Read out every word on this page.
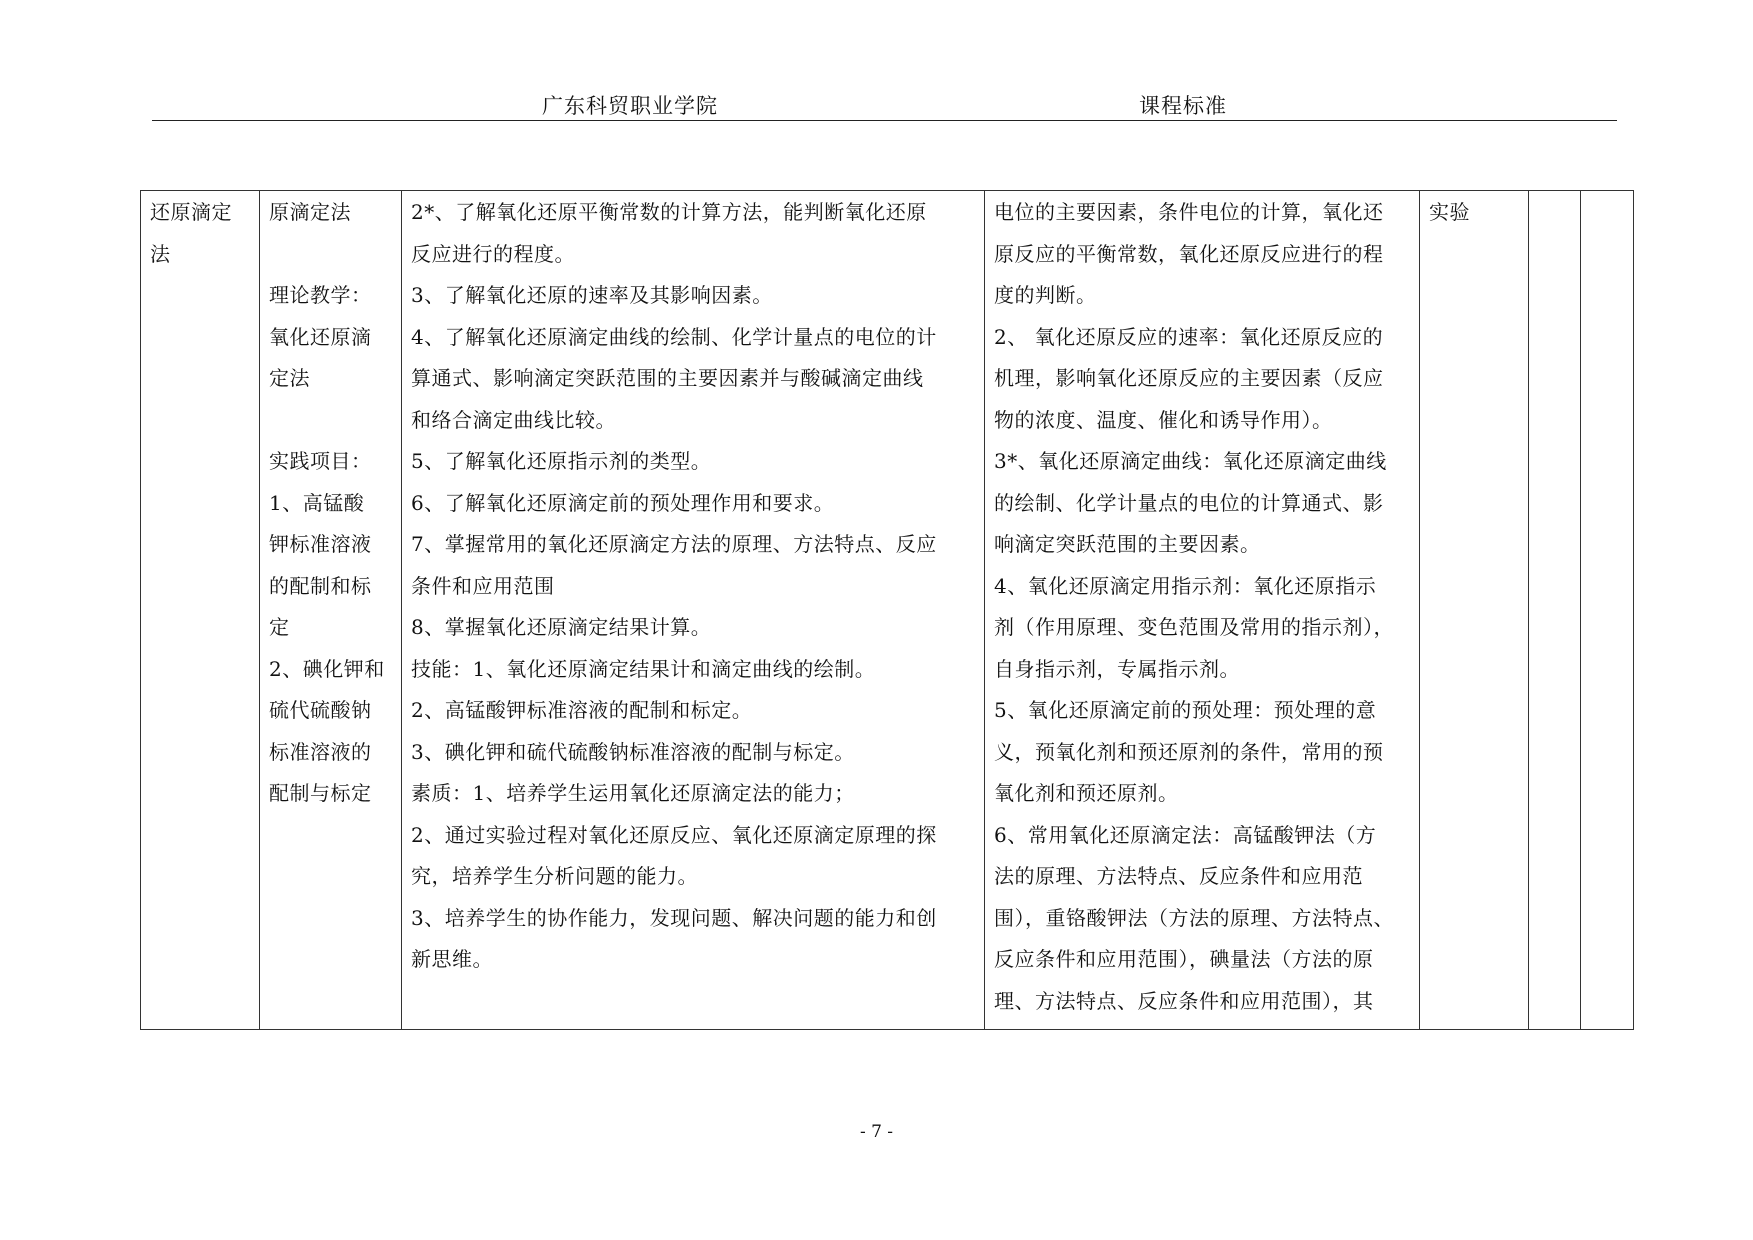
广东科贸职业学院	课程标准
还原滴定
法

原滴定法
理论教学：
氧化还原滴
定法
实践项目：
1、高锰酸
钾标准溶液
的配制和标
定
2、碘化钾和
硫代硫酸钠
标准溶液的
配制与标定

2*、了解氧化还原平衡常数的计算方法，能判断氧化还原
反应进行的程度。
3、了解氧化还原的速率及其影响因素。
4、了解氧化还原滴定曲线的绘制、化学计量点的电位的计
算通式、影响滴定突跃范围的主要因素并与酸碱滴定曲线
和络合滴定曲线比较。
5、了解氧化还原指示剂的类型。
6、了解氧化还原滴定前的预处理作用和要求。
7、掌握常用的氧化还原滴定方法的原理、方法特点、反应
条件和应用范围
8、掌握氧化还原滴定结果计算。
技能：1、氧化还原滴定结果计和滴定曲线的绘制。
2、高锰酸钾标准溶液的配制和标定。
3、碘化钾和硫代硫酸钠标准溶液的配制与标定。
素质：1、培养学生运用氧化还原滴定法的能力；
2、通过实验过程对氧化还原反应、氧化还原滴定原理的探
究，培养学生分析问题的能力。
3、培养学生的协作能力，发现问题、解决问题的能力和创
新思维。

电位的主要因素，条件电位的计算，氧化还
原反应的平衡常数，氧化还原反应进行的程
度的判断。
2、 氧化还原反应的速率：氧化还原反应的
机理，影响氧化还原反应的主要因素（反应
物的浓度、温度、催化和诱导作用）。
3*、氧化还原滴定曲线：氧化还原滴定曲线
的绘制、化学计量点的电位的计算通式、影
响滴定突跃范围的主要因素。
4、氧化还原滴定用指示剂：氧化还原指示
剂（作用原理、变色范围及常用的指示剂），
自身指示剂，专属指示剂。
5、氧化还原滴定前的预处理：预处理的意
义，预氧化剂和预还原剂的条件，常用的预
氧化剂和预还原剂。
6、常用氧化还原滴定法：高锰酸钾法（方
法的原理、方法特点、反应条件和应用范
围），重铬酸钾法（方法的原理、方法特点、
反应条件和应用范围），碘量法（方法的原
理、方法特点、反应条件和应用范围），其

实验

- 7 -
